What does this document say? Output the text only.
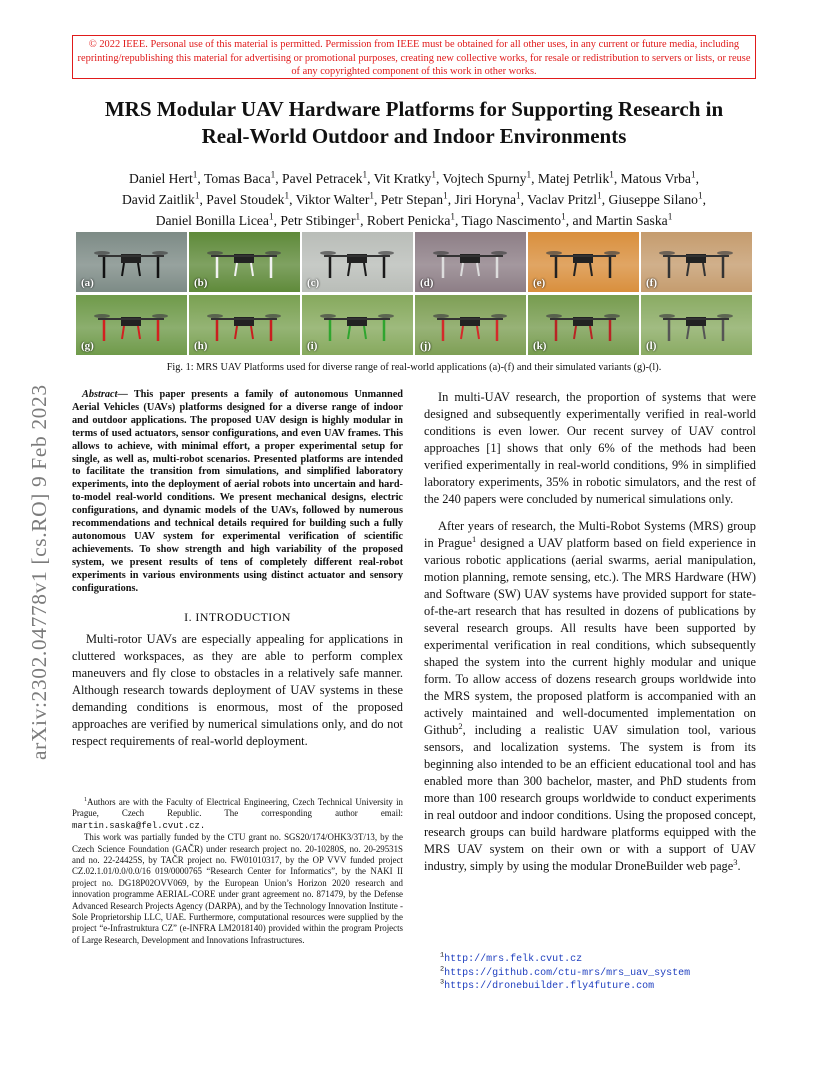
© 2022 IEEE. Personal use of this material is permitted. Permission from IEEE must be obtained for all other uses, in any current or future media, including reprinting/republishing this material for advertising or promotional purposes, creating new collective works, for resale or redistribution to servers or lists, or reuse of any copyrighted component of this work in other works.
arXiv:2302.04778v1 [cs.RO] 9 Feb 2023
MRS Modular UAV Hardware Platforms for Supporting Research in
Real-World Outdoor and Indoor Environments
Daniel Hert$^1$, Tomas Baca$^1$, Pavel Petracek$^1$, Vit Kratky$^1$, Vojtech Spurny$^1$, Matej Petrlik$^1$, Matous Vrba$^1$,
David Zaitlik$^1$, Pavel Stoudek$^1$, Viktor Walter$^1$, Petr Stepan$^1$, Jiri Horyna$^1$, Vaclav Pritzl$^1$, Giuseppe Silano$^1$,
Daniel Bonilla Licea$^1$, Petr Stibinger$^1$, Robert Penicka$^1$, Tiago Nascimento$^1$, and Martin Saska$^1$
(a)	(b)	(c)	(d)	(e)	(f)
(g)	(h)	(i)	(j)	(k)	(l)
Fig. 1: MRS UAV Platforms used for diverse range of real-world applications (a)-(f) and their simulated variants (g)-(l).

Abstract— This paper presents a family of autonomous Unmanned Aerial Vehicles (UAVs) platforms designed for a diverse range of indoor and outdoor applications. The proposed UAV design is highly modular in terms of used actuators, sensor configurations, and even UAV frames. This allows to achieve, with minimal effort, a proper experimental setup for single, as well as, multi-robot scenarios. Presented platforms are intended to facilitate the transition from simulations, and simplified laboratory experiments, into the deployment of aerial robots into uncertain and hard-to-model real-world conditions. We present mechanical designs, electric configurations, and dynamic models of the UAVs, followed by numerous recommendations and technical details required for building such a fully autonomous UAV system for experimental verification of scientific achievements. To show strength and high variability of the proposed system, we present results of tens of completely different real-robot experiments in various environments using distinct actuator and sensory configurations.

I. INTRODUCTION

Multi-rotor UAVs are especially appealing for applications in cluttered workspaces, as they are able to perform complex maneuvers and fly close to obstacles in a relatively safe manner. Although research towards deployment of UAV systems in these demanding conditions is enormous, most of the proposed approaches are verified by numerical simulations only, and do not respect requirements of real-world deployment.

$^1$Authors are with the Faculty of Electrical Engineering, Czech Technical University in Prague, Czech Republic. The corresponding author email: martin.saska@fel.cvut.cz.

This work was partially funded by the CTU grant no. SGS20/174/OHK3/3T/13, by the Czech Science Foundation (GAČR) under research project no. 20-10280S, no. 20-29531S and no. 22-24425S, by TAČR project no. FW01010317, by the OP VVV funded project CZ.02.1.01/0.0/0.0/16 019/0000765 “Research Center for Informatics”, by the NAKI II project no. DG18P02OVV069, by the European Union’s Horizon 2020 research and innovation programme AERIAL-CORE under grant agreement no. 871479, by the Defense Advanced Research Projects Agency (DARPA), and by the Technology Innovation Institute - Sole Proprietorship LLC, UAE. Furthermore, computational resources were supplied by the project “e-Infrastruktura CZ” (e-INFRA LM2018140) provided within the program Projects of Large Research, Development and Innovations Infrastructures.

In multi-UAV research, the proportion of systems that were designed and subsequently experimentally verified in real-world conditions is even lower. Our recent survey of UAV control approaches [1] shows that only 6% of the methods had been verified experimentally in real-world conditions, 9% in simplified laboratory experiments, 35% in robotic simulators, and the rest of the 240 papers were concluded by numerical simulations only.

After years of research, the Multi-Robot Systems (MRS) group in Prague$^1$ designed a UAV platform based on field experience in various robotic applications (aerial swarms, aerial manipulation, motion planning, remote sensing, etc.). The MRS Hardware (HW) and Software (SW) UAV systems have provided support for state-of-the-art research that has resulted in dozens of publications by several research groups. All results have been supported by experimental verification in real conditions, which subsequently shaped the system into the current highly modular and unique form. To allow access of dozens research groups worldwide into the MRS system, the proposed platform is accompanied with an actively maintained and well-documented implementation on Github$^2$, including a realistic UAV simulation tool, various sensors, and localization systems. The system is from its beginning also intended to be an efficient educational tool and has enabled more than 300 bachelor, master, and PhD students from more than 100 research groups worldwide to conduct experiments in real outdoor and indoor conditions. Using the proposed concept, research groups can build hardware platforms equipped with the MRS UAV system on their own or with a support of UAV industry, simply by using the modular DroneBuilder web page$^3$.

$^1$http://mrs.felk.cvut.cz
$^2$https://github.com/ctu-mrs/mrs_uav_system
$^3$https://dronebuilder.fly4future.com
